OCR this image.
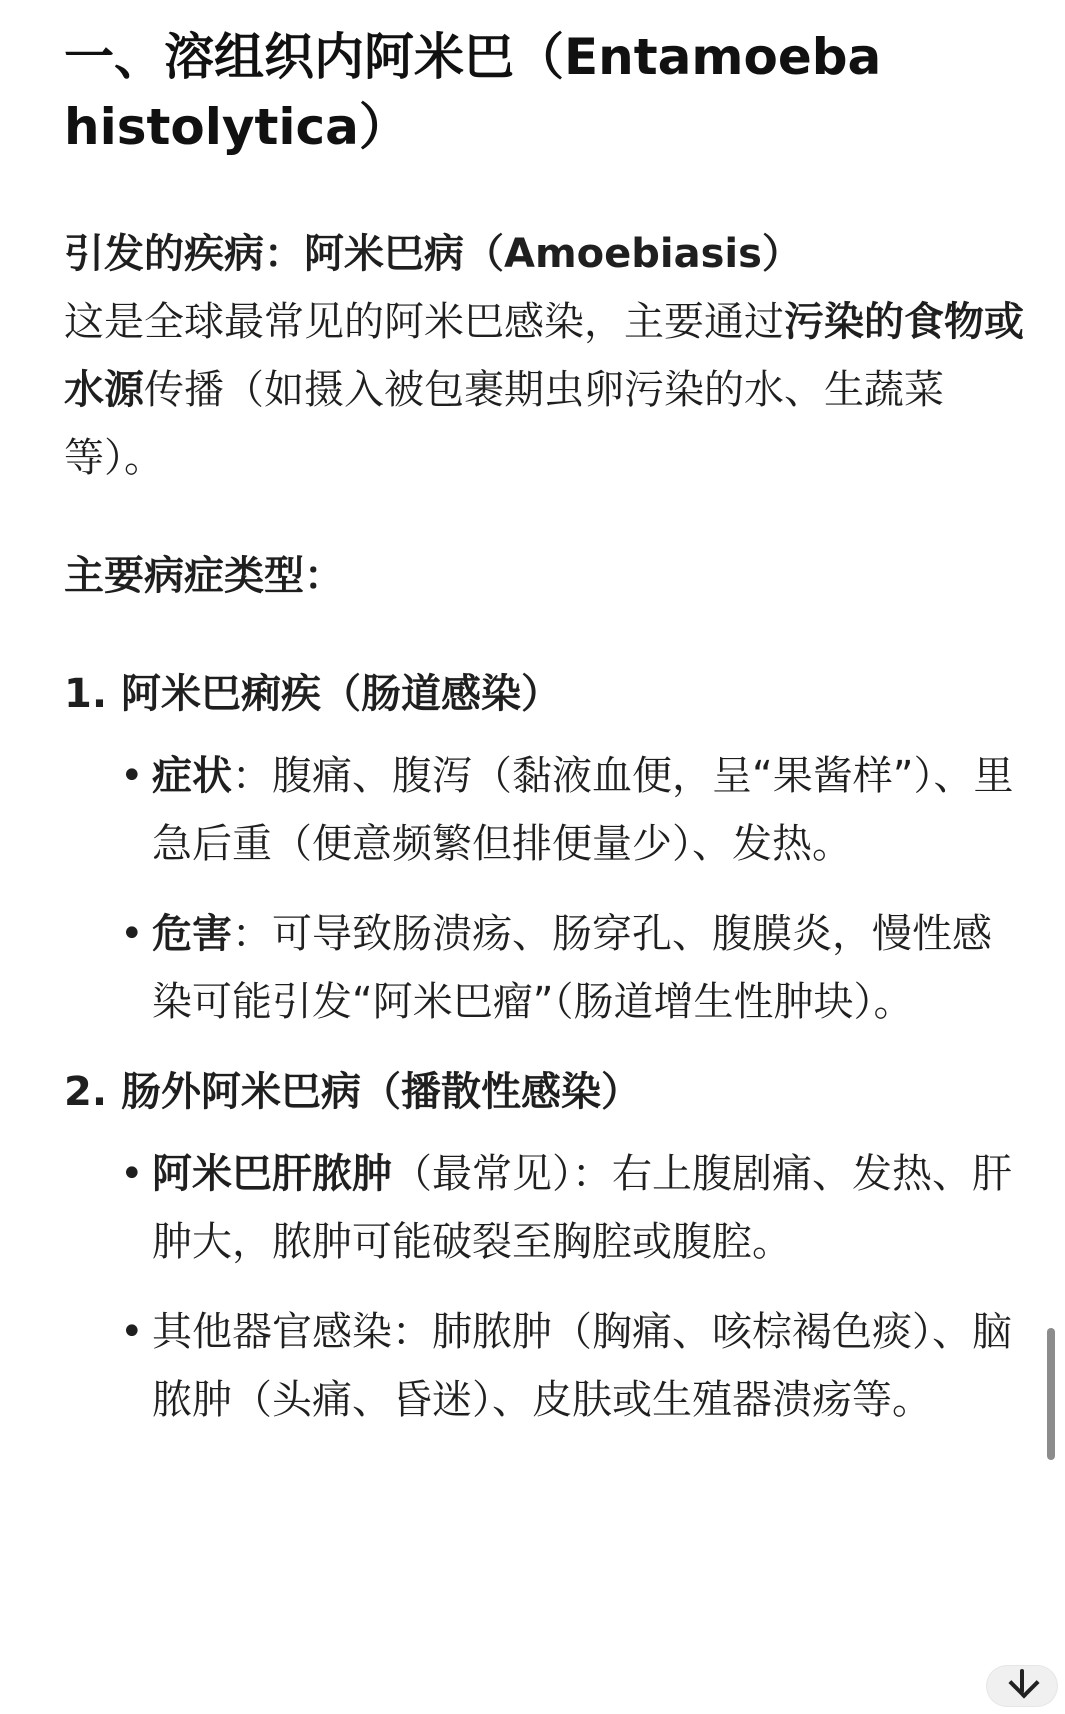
一、溶组织内阿米巴（Entamoeba histolytica）

引发的疾病：阿米巴病（Amoebiasis）

这是全球最常见的阿米巴感染，主要通过污染的食物或水源传播（如摄入被包裹期虫卵污染的水、生蔬菜等）。

主要病症类型：

1. 阿米巴痢疾（肠道感染）

• 症状：腹痛、腹泻（黏液血便，呈“果酱样”）、里急后重（便意频繁但排便量少）、发热。
• 危害：可导致肠溃疡、肠穿孔、腹膜炎，慢性感染可能引发“阿米巴瘤”（肠道增生性肿块）。

2. 肠外阿米巴病（播散性感染）

• 阿米巴肝脓肿（最常见）：右上腹剧痛、发热、肝肿大，脓肿可能破裂至胸腔或腹腔。
• 其他器官感染：肺脓肿（胸痛、咳棕褐色痰）、脑脓肿（头痛、昏迷）、皮肤或生殖器溃疡等。
